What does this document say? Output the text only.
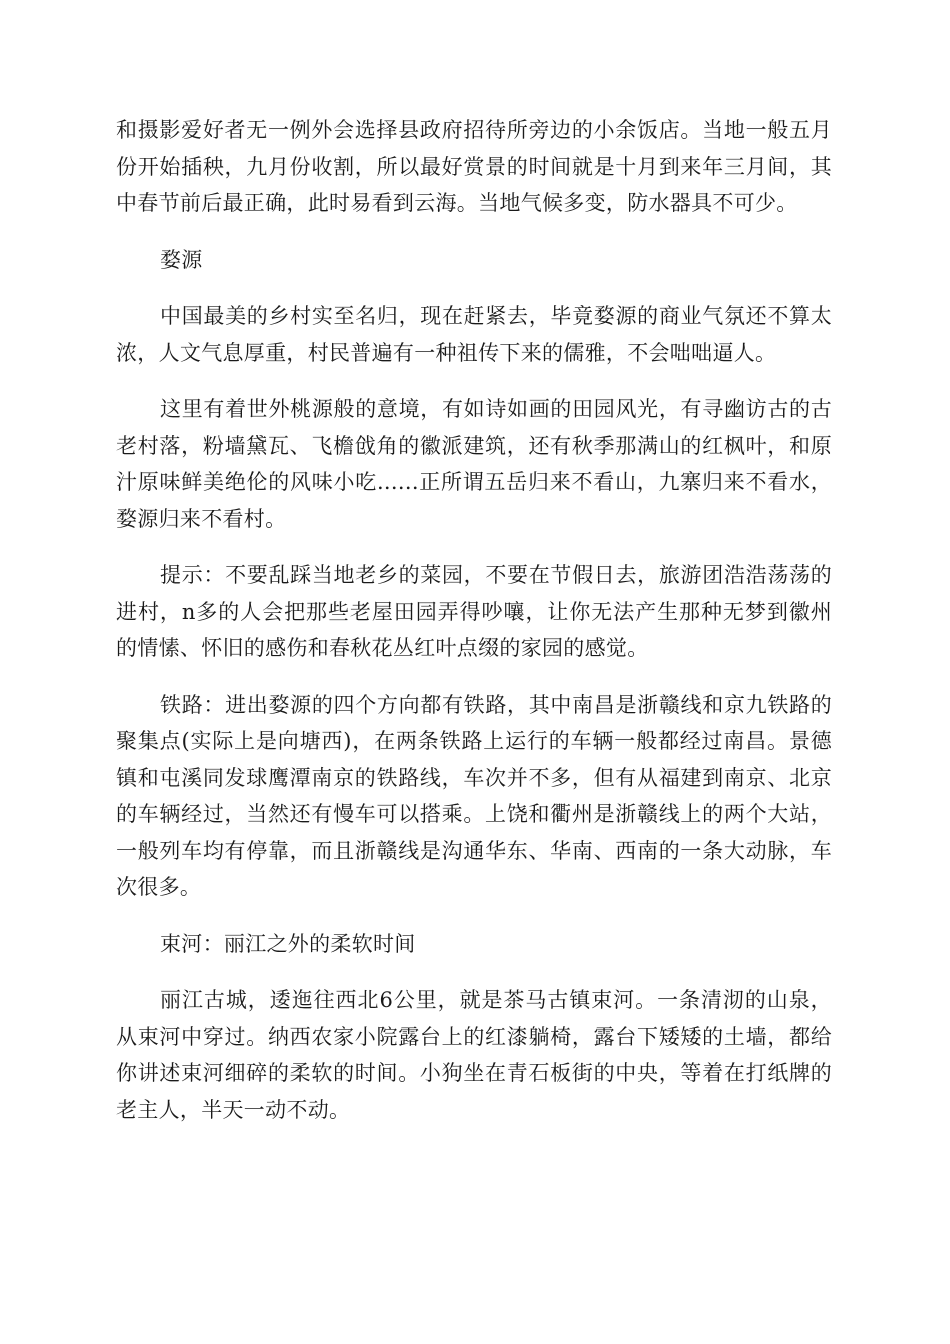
和摄影爱好者无一例外会选择县政府招待所旁边的小余饭店。当地一般五月份开始插秧，九月份收割，所以最好赏景的时间就是十月到来年三月间，其中春节前后最正确，此时易看到云海。当地气候多变，防水器具不可少。

婺源

中国最美的乡村实至名归，现在赶紧去，毕竟婺源的商业气氛还不算太浓，人文气息厚重，村民普遍有一种祖传下来的儒雅，不会咄咄逼人。

这里有着世外桃源般的意境，有如诗如画的田园风光，有寻幽访古的古老村落，粉墙黛瓦、飞檐戗角的徽派建筑，还有秋季那满山的红枫叶，和原汁原味鲜美绝伦的风味小吃......正所谓五岳归来不看山，九寨归来不看水，婺源归来不看村。

提示：不要乱踩当地老乡的菜园，不要在节假日去，旅游团浩浩荡荡的进村，n多的人会把那些老屋田园弄得吵嚷，让你无法产生那种无梦到徽州的情愫、怀旧的感伤和春秋花丛红叶点缀的家园的感觉。

铁路：进出婺源的四个方向都有铁路，其中南昌是浙赣线和京九铁路的聚集点(实际上是向塘西)，在两条铁路上运行的车辆一般都经过南昌。景德镇和屯溪同发球鹰潭南京的铁路线，车次并不多，但有从福建到南京、北京的车辆经过，当然还有慢车可以搭乘。上饶和衢州是浙赣线上的两个大站，一般列车均有停靠，而且浙赣线是沟通华东、华南、西南的一条大动脉，车次很多。

束河：丽江之外的柔软时间

丽江古城，逶迤往西北6公里，就是茶马古镇束河。一条清沏的山泉，从束河中穿过。纳西农家小院露台上的红漆躺椅，露台下矮矮的土墙，都给你讲述束河细碎的柔软的时间。小狗坐在青石板街的中央，等着在打纸牌的老主人，半天一动不动。
